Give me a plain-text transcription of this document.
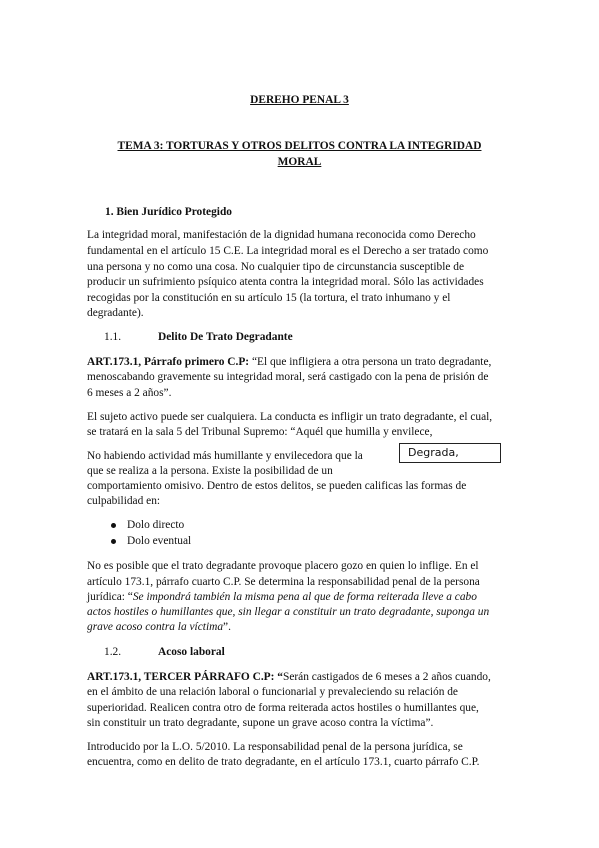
DEREHO PENAL 3
TEMA 3: TORTURAS Y OTROS DELITOS CONTRA LA INTEGRIDAD
MORAL
1. Bien Jurídico Protegido
La integridad moral, manifestación de la dignidad humana reconocida como Derecho
fundamental en el artículo 15 C.E. La integridad moral es el Derecho a ser tratado como
una persona y no como una cosa. No cualquier tipo de circunstancia susceptible de
producir un sufrimiento psíquico atenta contra la integridad moral. Sólo las actividades
recogidas por la constitución en su artículo 15 (la tortura, el trato inhumano y el
degradante).
1.1.	Delito De Trato Degradante
ART.173.1, Párrafo primero C.P: “El que infligiera a otra persona un trato degradante,
menoscabando gravemente su integridad moral, será castigado con la pena de prisión de
6 meses a 2 años”.
El sujeto activo puede ser cualquiera. La conducta es infligir un trato degradante, el cual,
se tratará en la sala 5 del Tribunal Supremo: “Aquél que humilla y envilece,
No habiendo actividad más humillante y envilecedora que la
que se realiza a la persona. Existe la posibilidad de un
comportamiento omisivo. Dentro de estos delitos, se pueden calificas las formas de
culpabilidad en:
Degrada,
Dolo directo
Dolo eventual
No es posible que el trato degradante provoque placero gozo en quien lo inflige. En el
artículo 173.1, párrafo cuarto C.P. Se determina la responsabilidad penal de la persona
jurídica: “Se impondrá también la misma pena al que de forma reiterada lleve a cabo
actos hostiles o humillantes que, sin llegar a constituir un trato degradante, suponga un
grave acoso contra la víctima”.
1.2.	Acoso laboral
ART.173.1, TERCER PÁRRAFO C.P: “Serán castigados de 6 meses a 2 años cuando,
en el ámbito de una relación laboral o funcionarial y prevaleciendo su relación de
superioridad. Realicen contra otro de forma reiterada actos hostiles o humillantes que,
sin constituir un trato degradante, supone un grave acoso contra la víctima”.
Introducido por la L.O. 5/2010. La responsabilidad penal de la persona jurídica, se
encuentra, como en delito de trato degradante, en el artículo 173.1, cuarto párrafo C.P.
